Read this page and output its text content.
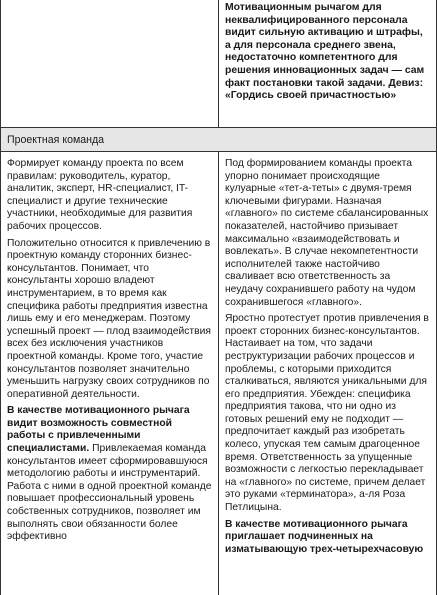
Мотивационным рычагом для неквалифицированного персонала видит сильную активацию и штрафы, а для персонала среднего звена, недостаточно компетентного для решения инновационных задач — сам факт постановки такой задачи. Девиз: «Гордись своей причастностью»

Проектная команда

Формирует команду проекта по всем правилам: руководитель, куратор, аналитик, эксперт, HR-специалист, IT-специалист и другие технические участники, необходимые для развития рабочих процессов.

Положительно относится к привлечению в проектную команду сторонних бизнес-консультантов. Понимает, что консультанты хорошо владеют инструментарием, в то время как специфика работы предприятия известна лишь ему и его менеджерам. Поэтому успешный проект — плод взаимодействия всех без исключения участников проектной команды. Кроме того, участие консультантов позволяет значительно уменьшить нагрузку своих сотрудников по оперативной деятельности.

В качестве мотивационного рычага видит возможность совместной работы с привлеченными специалистами. Привлекаемая команда консультантов имеет сформировавшуюся методологию работы и инструментарий. Работа с ними в одной проектной команде повышает профессиональный уровень собственных сотрудников, позволяет им выполнять свои обязанности более эффективно

Под формированием команды проекта упорно понимает происходящие кулуарные «тет-а-теты» с двумя-тремя ключевыми фигурами. Назначая «главного» по системе сбалансированных показателей, настойчиво призывает максимально «взаимодействовать и вовлекать». В случае некомпетентности исполнителей также настойчиво сваливает всю ответственность за неудачу сохранившего работу на чудом сохранившегося «главного».

Яростно протестует против привлечения в проект сторонних бизнес-консультантов. Настаивает на том, что задачи реструктуризации рабочих процессов и проблемы, с которыми приходится сталкиваться, являются уникальными для его предприятия. Убежден: специфика предприятия такова, что ни одно из готовых решений ему не подходит — предпочитает каждый раз изобретать колесо, упуская тем самым драгоценное время. Ответственность за упущенные возможности с легкостью перекладывает на «главного» по системе, причем делает это руками «терминатора», а-ля Роза Петлицына.

В качестве мотивационного рычага приглашает подчиненных на изматывающую трех-четырехчасовую
